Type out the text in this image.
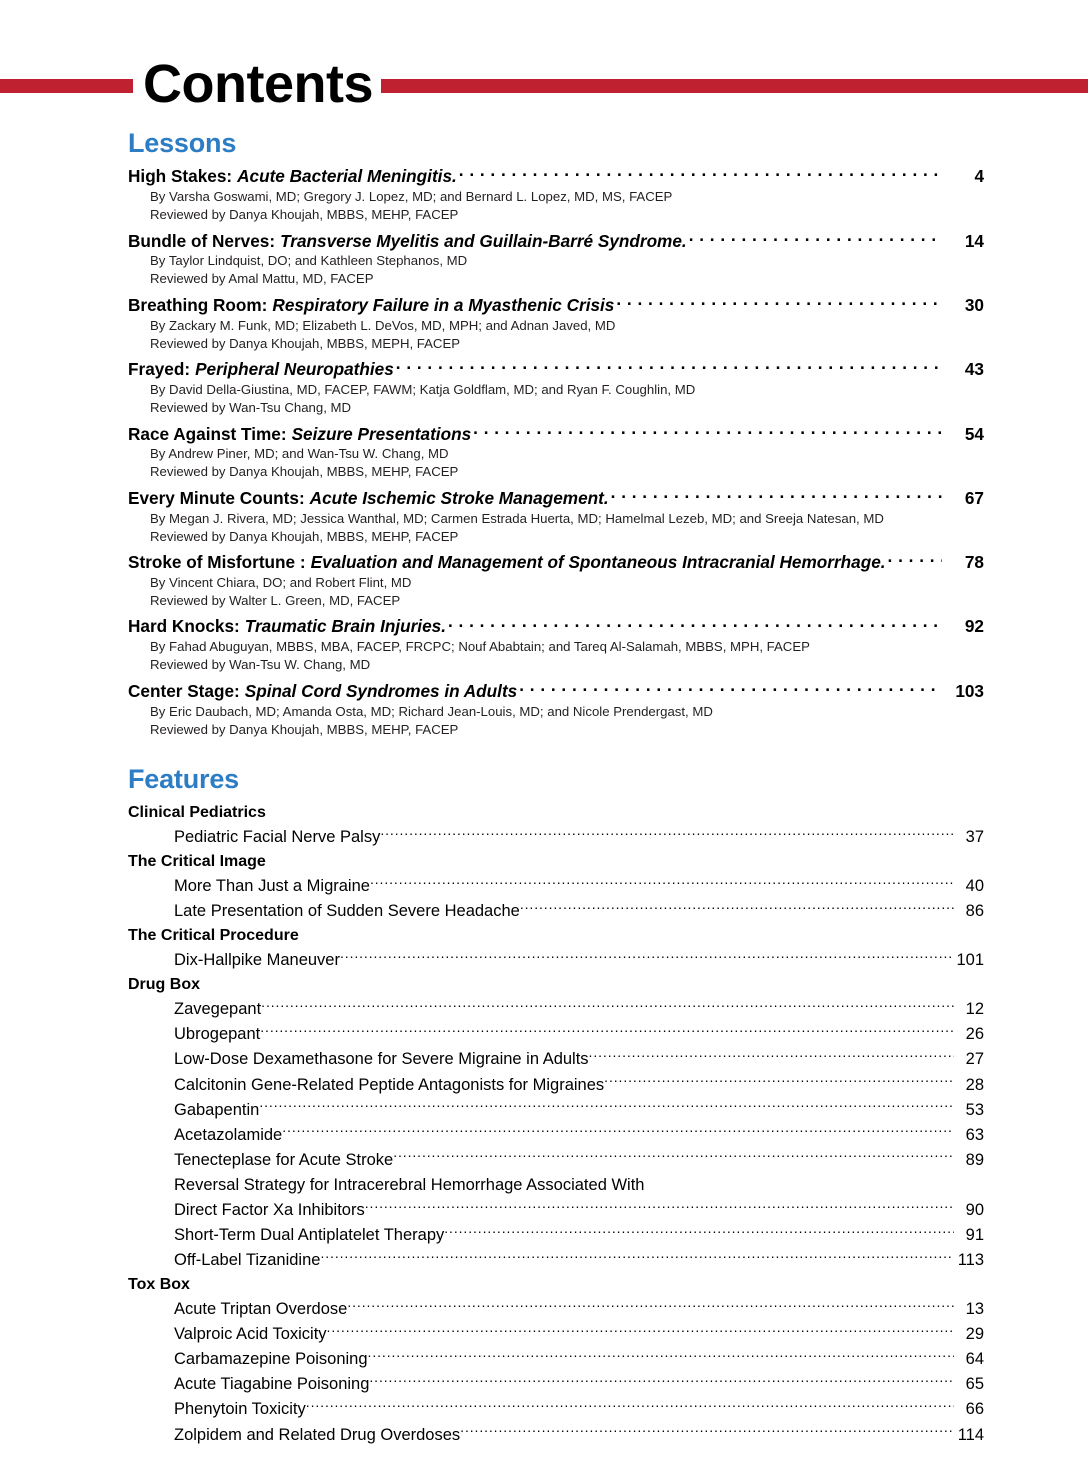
Contents
Lessons
High Stakes: Acute Bacterial Meningitis. . . .	4
By Varsha Goswami, MD; Gregory J. Lopez, MD; and Bernard L. Lopez, MD, MS, FACEP
Reviewed by Danya Khoujah, MBBS, MEHP, FACEP
Bundle of Nerves: Transverse Myelitis and Guillain-Barré Syndrome. . . .	14
By Taylor Lindquist, DO; and Kathleen Stephanos, MD
Reviewed by Amal Mattu, MD, FACEP
Breathing Room: Respiratory Failure in a Myasthenic Crisis . . .	30
By Zackary M. Funk, MD; Elizabeth L. DeVos, MD, MPH; and Adnan Javed, MD
Reviewed by Danya Khoujah, MBBS, MEPH, FACEP
Frayed: Peripheral Neuropathies . . .	43
By David Della-Giustina, MD, FACEP, FAWM; Katja Goldflam, MD; and Ryan F. Coughlin, MD
Reviewed by Wan-Tsu Chang, MD
Race Against Time: Seizure Presentations . . .	54
By Andrew Piner, MD; and Wan-Tsu W. Chang, MD
Reviewed by Danya Khoujah, MBBS, MEHP, FACEP
Every Minute Counts: Acute Ischemic Stroke Management. . . .	67
By Megan J. Rivera, MD; Jessica Wanthal, MD; Carmen Estrada Huerta, MD; Hamelmal Lezeb, MD; and Sreeja Natesan, MD
Reviewed by Danya Khoujah, MBBS, MEHP, FACEP
Stroke of Misfortune : Evaluation and Management of Spontaneous Intracranial Hemorrhage. . . .	78
By Vincent Chiara, DO; and Robert Flint, MD
Reviewed by Walter L. Green, MD, FACEP
Hard Knocks: Traumatic Brain Injuries. . . .	92
By Fahad Abuguyan, MBBS, MBA, FACEP, FRCPC; Nouf Ababtain; and Tareq Al-Salamah, MBBS, MPH, FACEP
Reviewed by Wan-Tsu W. Chang, MD
Center Stage: Spinal Cord Syndromes in Adults . . .	103
By Eric Daubach, MD; Amanda Osta, MD; Richard Jean-Louis, MD; and Nicole Prendergast, MD
Reviewed by Danya Khoujah, MBBS, MEHP, FACEP
Features
Clinical Pediatrics
Pediatric Facial Nerve Palsy .....	37
The Critical Image
More Than Just a Migraine .....	40
Late Presentation of Sudden Severe Headache .....	86
The Critical Procedure
Dix-Hallpike Maneuver .....	101
Drug Box
Zavegepant .....	12
Ubrogepant .....	26
Low-Dose Dexamethasone for Severe Migraine in Adults .....	27
Calcitonin Gene-Related Peptide Antagonists for Migraines .....	28
Gabapentin .....	53
Acetazolamide .....	63
Tenecteplase for Acute Stroke .....	89
Reversal Strategy for Intracerebral Hemorrhage Associated With
Direct Factor Xa Inhibitors .....	90
Short-Term Dual Antiplatelet Therapy .....	91
Off-Label Tizanidine .....	113
Tox Box
Acute Triptan Overdose .....	13
Valproic Acid Toxicity .....	29
Carbamazepine Poisoning .....	64
Acute Tiagabine Poisoning .....	65
Phenytoin Toxicity .....	66
Zolpidem and Related Drug Overdoses .....	114
